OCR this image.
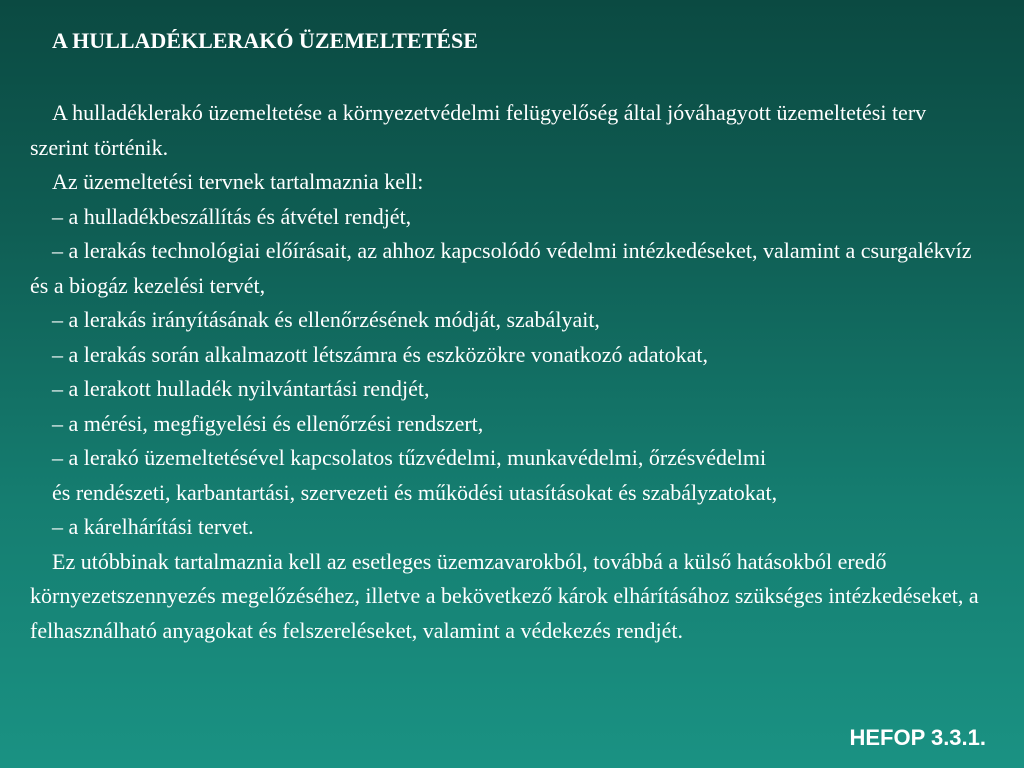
A HULLADÉKLERAKÓ ÜZEMELTETÉSE

A hulladéklerakó üzemeltetése a környezetvédelmi felügyelőség által jóváhagyott üzemeltetési terv szerint történik.

Az üzemeltetési tervnek tartalmaznia kell:

– a hulladékbeszállítás és átvétel rendjét,

– a lerakás technológiai előírásait, az ahhoz kapcsolódó védelmi intézkedéseket, valamint a csurgalékvíz és a biogáz kezelési tervét,

– a lerakás irányításának és ellenőrzésének módját, szabályait,

– a lerakás során alkalmazott létszámra és eszközökre vonatkozó adatokat,

– a lerakott hulladék nyilvántartási rendjét,

– a mérési, megfigyelési és ellenőrzési rendszert,

– a lerakó üzemeltetésével kapcsolatos tűzvédelmi, munkavédelmi, őrzésvédelmi

és rendészeti, karbantartási, szervezeti és működési utasításokat és szabályzatokat,

– a kárelhárítási tervet.

Ez utóbbinak tartalmaznia kell az esetleges üzemzavarokból, továbbá a külső hatásokból eredő környezetszennyezés megelőzéséhez, illetve a bekövetkező károk elhárításához szükséges intézkedéseket, a felhasználható anyagokat és felszereléseket, valamint a védekezés rendjét.

HEFOP 3.3.1.
